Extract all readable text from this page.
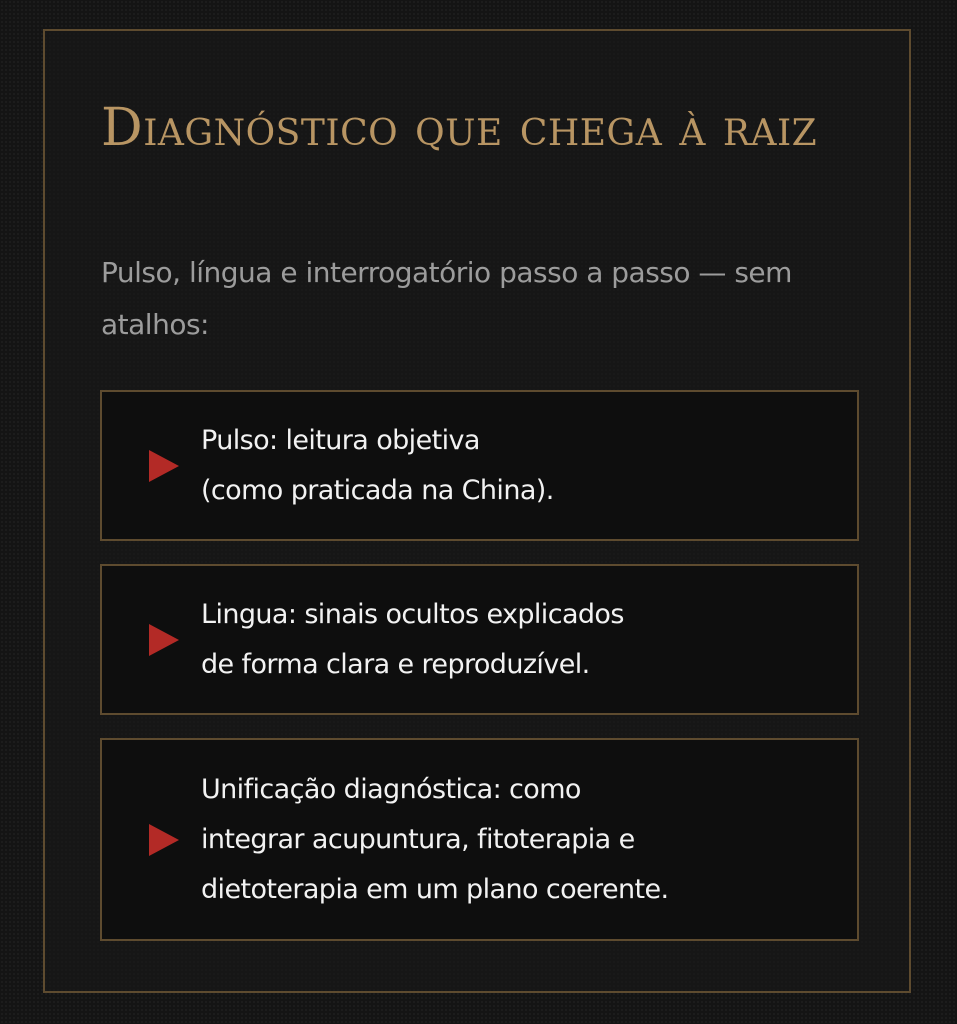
Diagnóstico que chega à raiz

Pulso, língua e interrogatório passo a passo — sem atalhos:

Pulso: leitura objetiva
(como praticada na China).

Lingua: sinais ocultos explicados
de forma clara e reproduzível.

Unificação diagnóstica: como
integrar acupuntura, fitoterapia e
dietoterapia em um plano coerente.
